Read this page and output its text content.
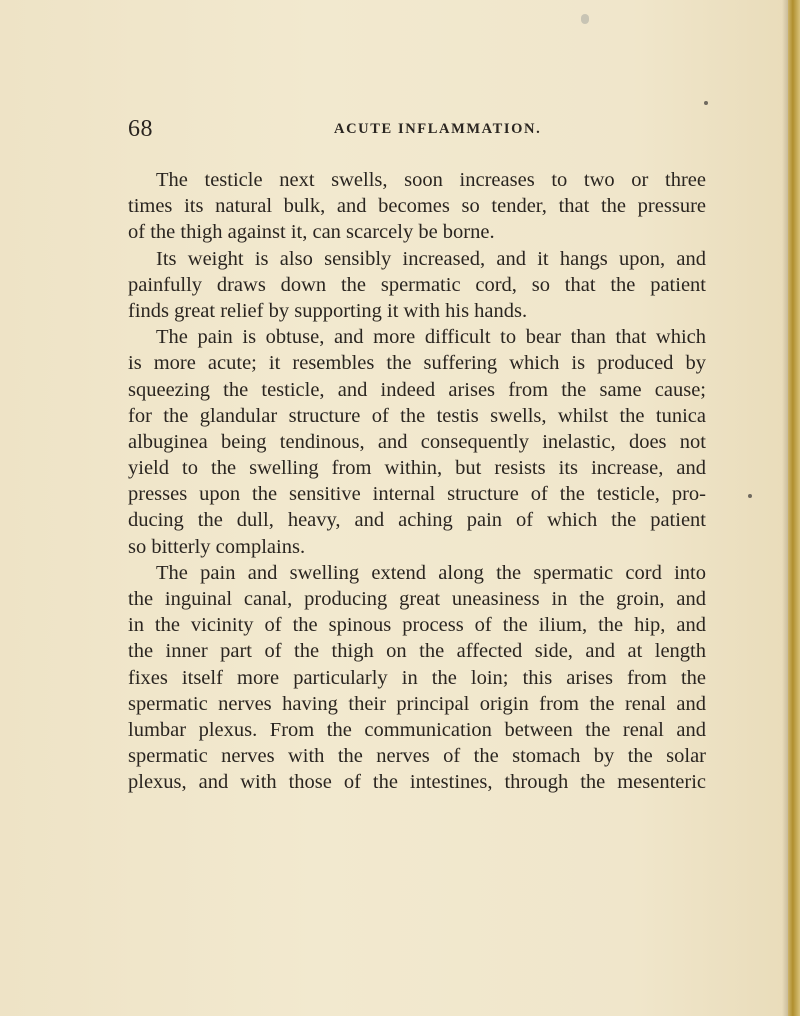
68	ACUTE INFLAMMATION.
The testicle next swells, soon increases to two or three
times its natural bulk, and becomes so tender, that the pressure
of the thigh against it, can scarcely be borne.
Its weight is also sensibly increased, and it hangs upon, and
painfully draws down the spermatic cord, so that the patient
finds great relief by supporting it with his hands.
The pain is obtuse, and more difficult to bear than that which
is more acute; it resembles the suffering which is produced by
squeezing the testicle, and indeed arises from the same cause;
for the glandular structure of the testis swells, whilst the tunica
albuginea being tendinous, and consequently inelastic, does not
yield to the swelling from within, but resists its increase, and
presses upon the sensitive internal structure of the testicle, pro-
ducing the dull, heavy, and aching pain of which the patient
so bitterly complains.
The pain and swelling extend along the spermatic cord into
the inguinal canal, producing great uneasiness in the groin, and
in the vicinity of the spinous process of the ilium, the hip, and
the inner part of the thigh on the affected side, and at length
fixes itself more particularly in the loin; this arises from the
spermatic nerves having their principal origin from the renal and
lumbar plexus. From the communication between the renal and
spermatic nerves with the nerves of the stomach by the solar
plexus, and with those of the intestines, through the mesenteric
